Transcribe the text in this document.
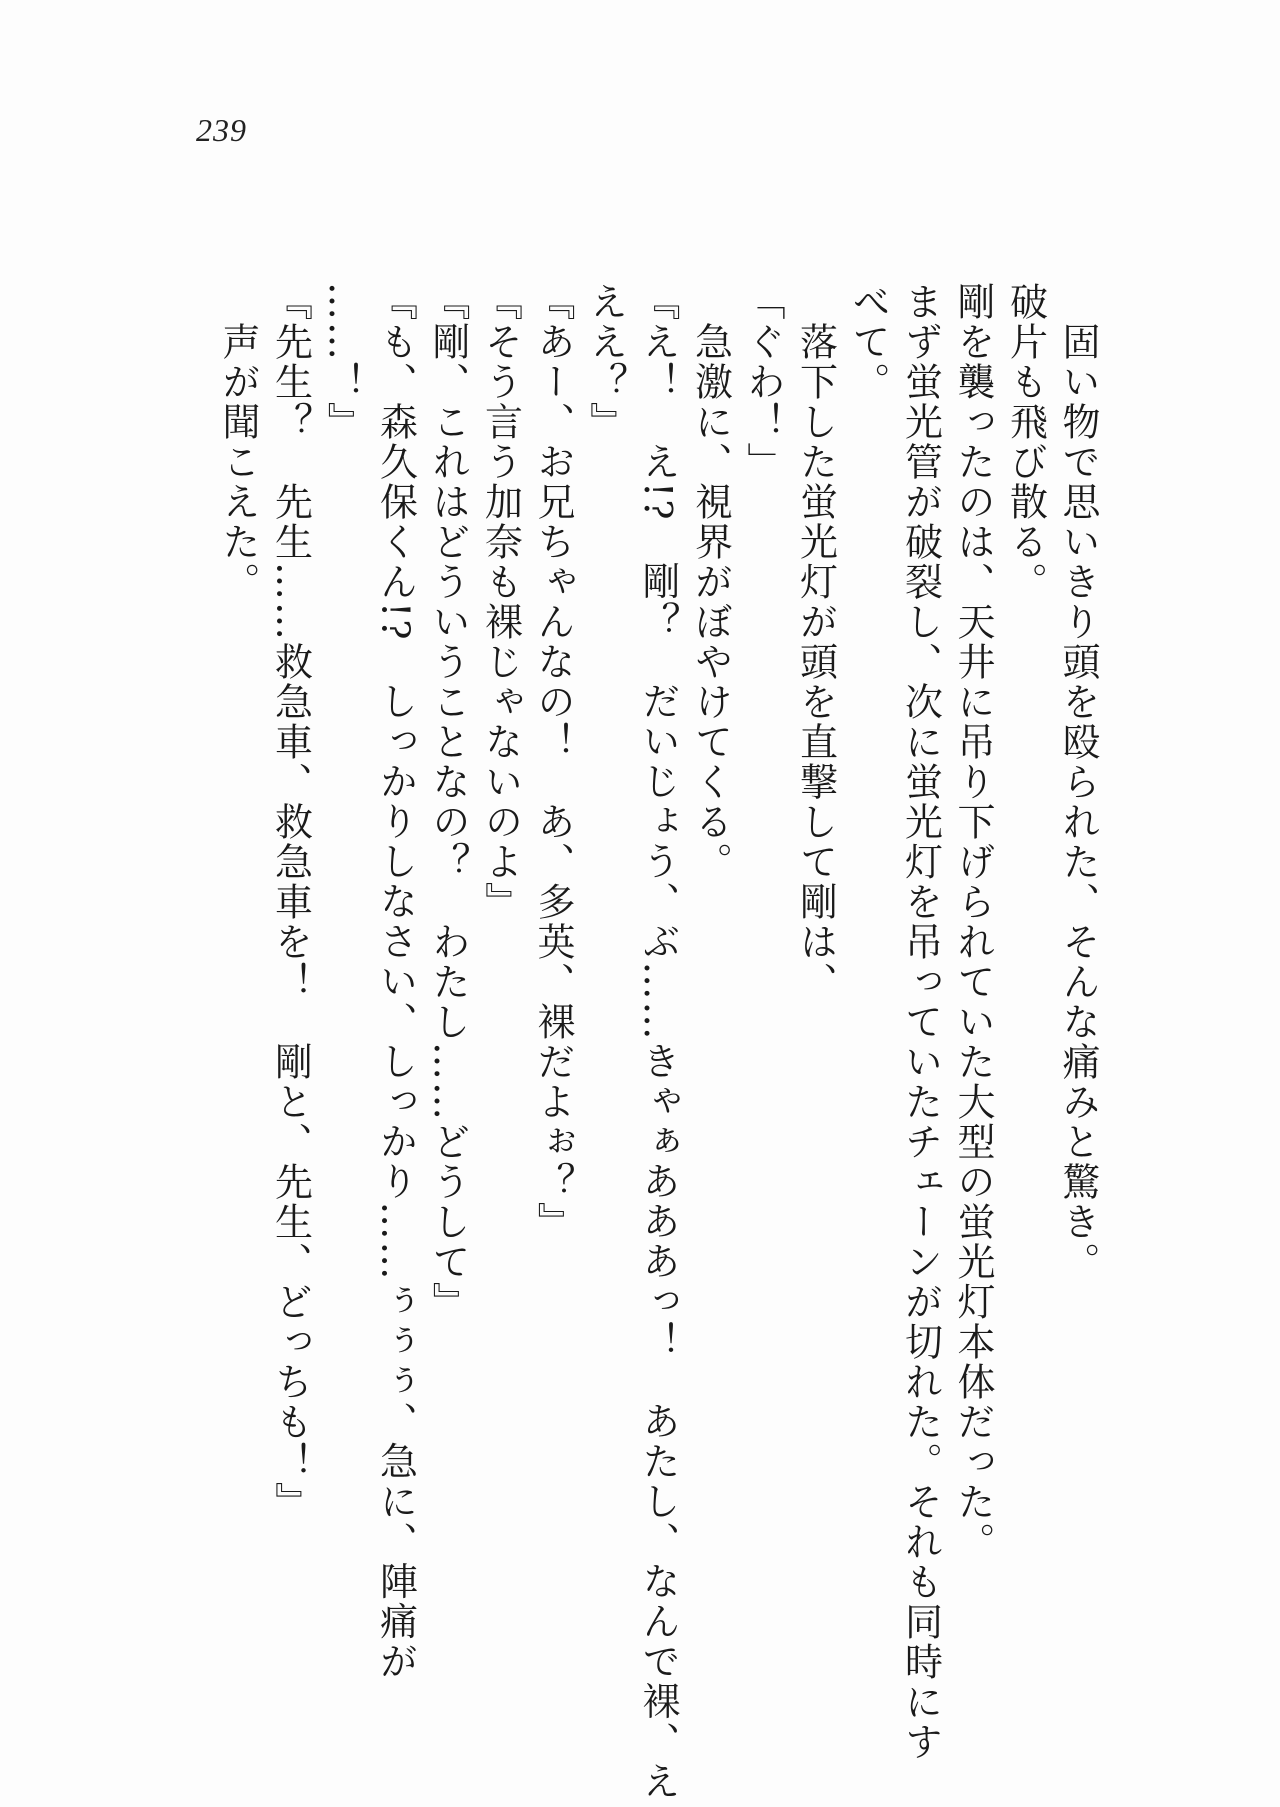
239
固い物で思いきり頭を殴られた、そんな痛みと驚き。
破片も飛び散る。
剛を襲ったのは、天井に吊り下げられていた大型の蛍光灯本体だった。
まず蛍光管が破裂し、次に蛍光灯を吊っていたチェーンが切れた。それも同時にす
べて。
落下した蛍光灯が頭を直撃して剛は、
「ぐわ！」
急激に、視界がぼやけてくる。
『え！　え!?　剛？　だいじょう、ぶ……きゃぁあああっ！　あたし、なんで裸、え
ええ？』
『あー、お兄ちゃんなの！　あ、多英、裸だよぉ？』
『そう言う加奈も裸じゃないのよ』
『剛、これはどういうことなの？　わたし……どうして』
『も、森久保くん!?　しっかりしなさい、しっかり……ぅぅぅ、急に、陣痛が
……！』
『先生？　先生……救急車、救急車を！　剛と、先生、どっちも！』
声が聞こえた。
